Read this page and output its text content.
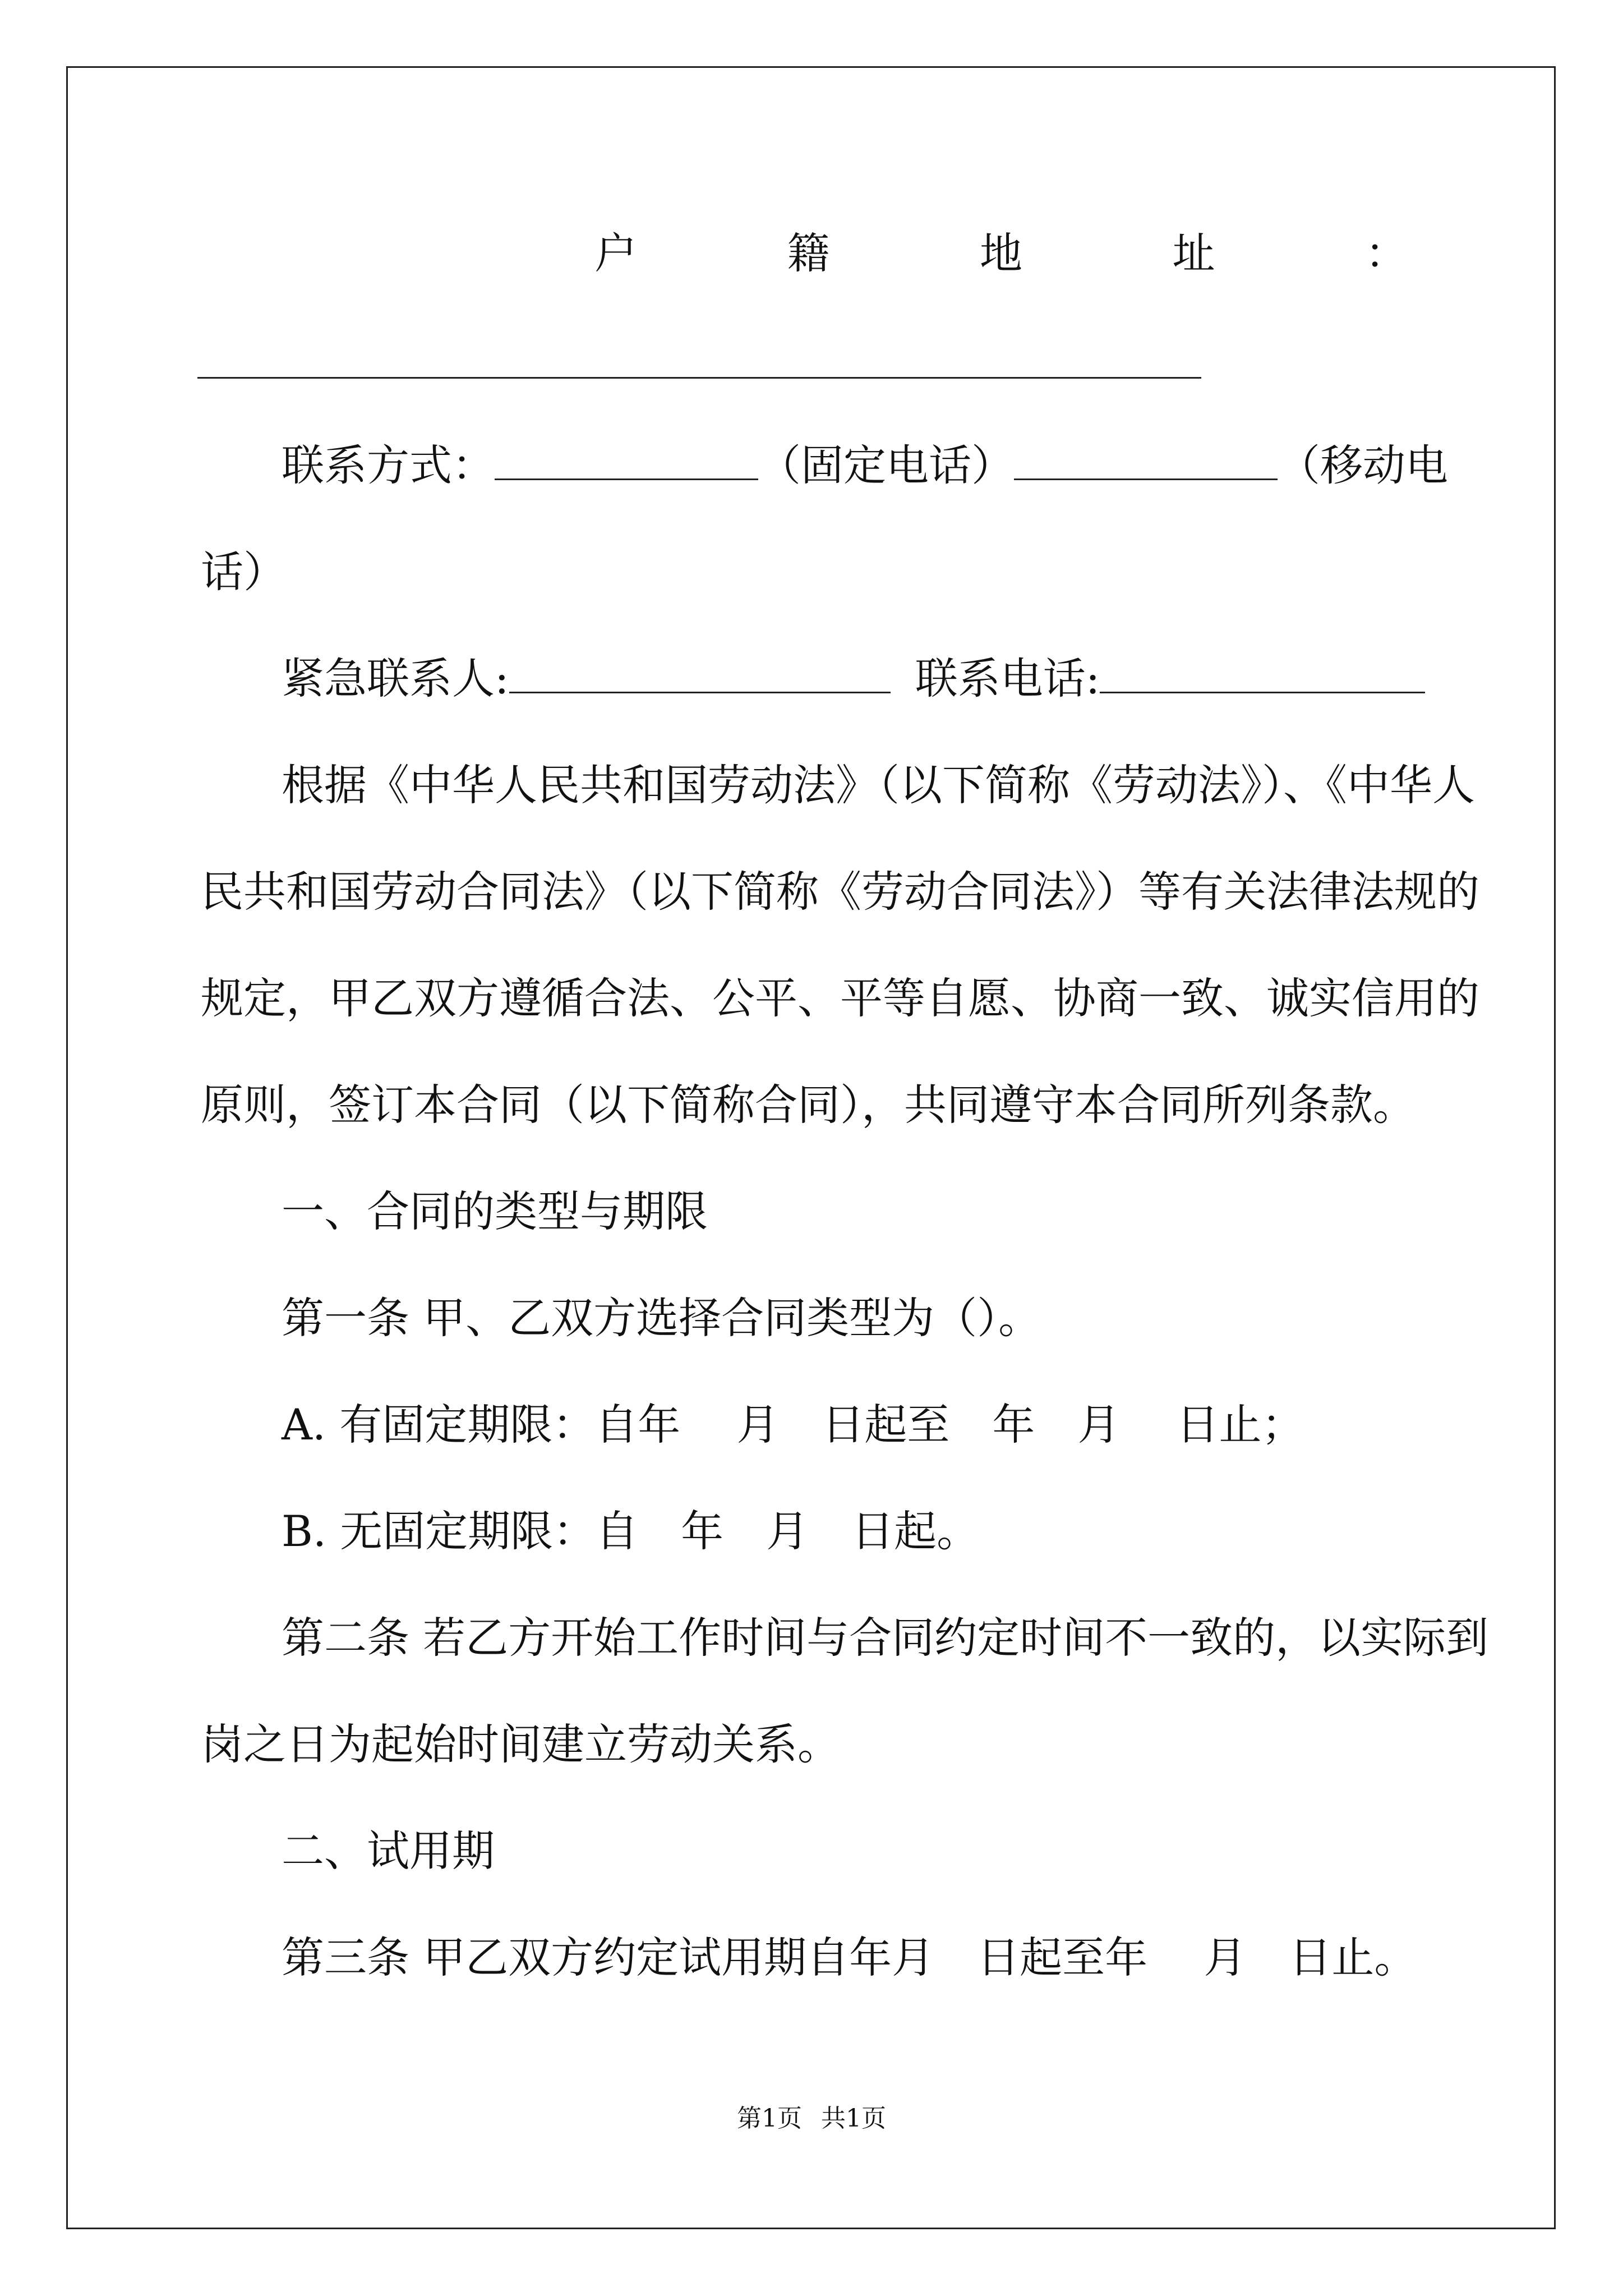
户	籍	地	址	：
联系方式：	（固定电话）	（移动电
话）
紧急联系人:	联系电话:
根据《中华人民共和国劳动法》（以下简称《劳动法》）、《中华人
民共和国劳动合同法》（以下简称《劳动合同法》）等有关法律法规的
规定，甲乙双方遵循合法、公平、平等自愿、协商一致、诚实信用的
原则，签订本合同（以下简称合同），共同遵守本合同所列条款。
一、合同的类型与期限
第一条 甲、乙双方选择合同类型为（）。
A. 有固定期限：自年　 月　日起至　年　月　 日止；
B. 无固定期限：自　年　月　日起。
第二条 若乙方开始工作时间与合同约定时间不一致的，以实际到
岗之日为起始时间建立劳动关系。
二、试用期
第三条 甲乙双方约定试用期自年月　日起至年　 月　日止。
第1页 共1页
